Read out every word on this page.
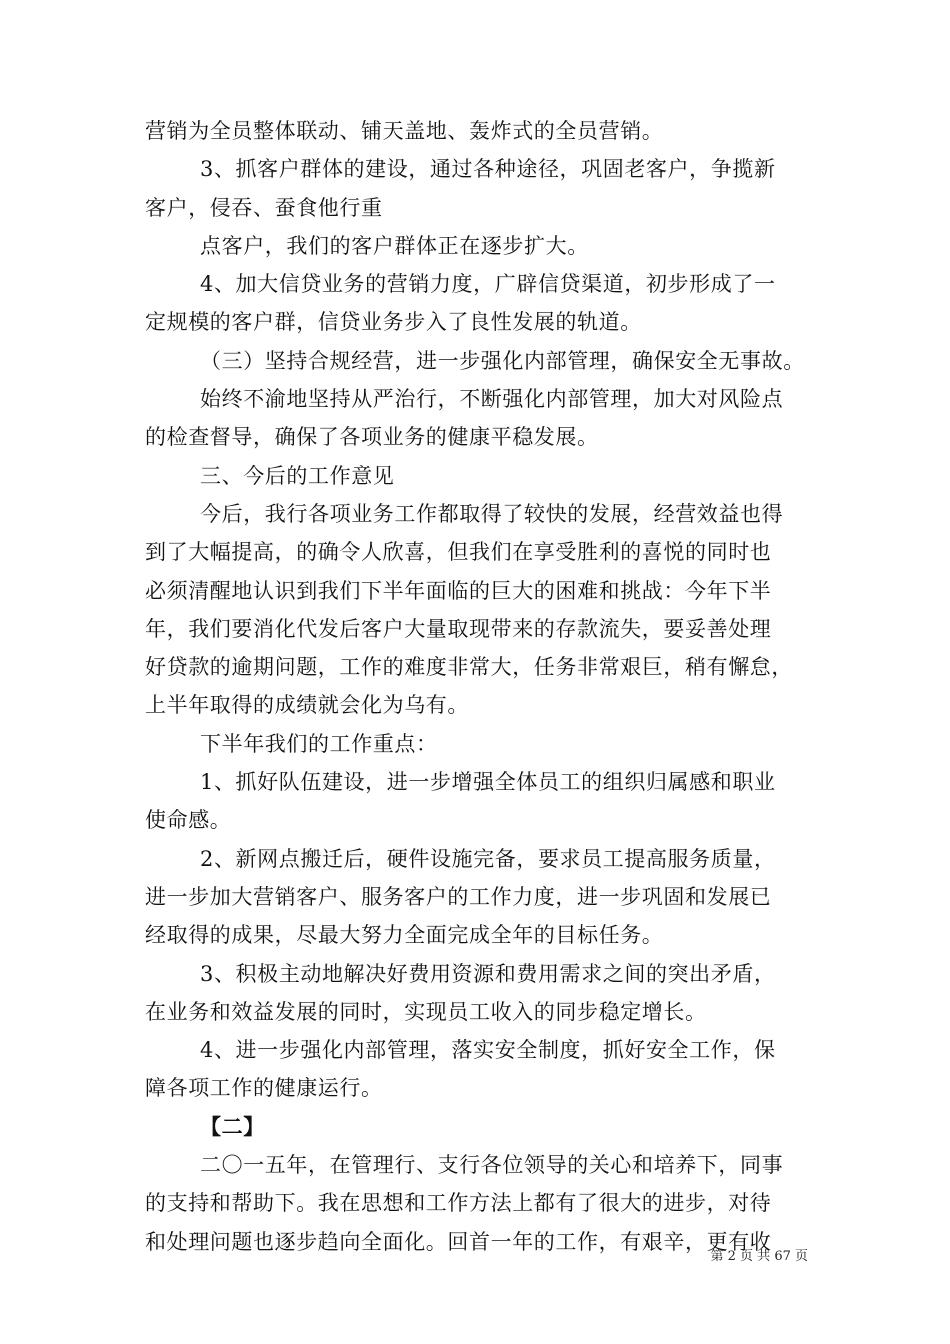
营销为全员整体联动、铺天盖地、轰炸式的全员营销。
3、抓客户群体的建设，通过各种途径，巩固老客户，争揽新
客户，侵吞、蚕食他行重
点客户，我们的客户群体正在逐步扩大。
4、加大信贷业务的营销力度，广辟信贷渠道，初步形成了一
定规模的客户群，信贷业务步入了良性发展的轨道。
（三）坚持合规经营，进一步强化内部管理，确保安全无事故。
始终不渝地坚持从严治行，不断强化内部管理，加大对风险点
的检查督导，确保了各项业务的健康平稳发展。
三、今后的工作意见
今后，我行各项业务工作都取得了较快的发展，经营效益也得
到了大幅提高，的确令人欣喜，但我们在享受胜利的喜悦的同时也
必须清醒地认识到我们下半年面临的巨大的困难和挑战：今年下半
年，我们要消化代发后客户大量取现带来的存款流失，要妥善处理
好贷款的逾期问题，工作的难度非常大，任务非常艰巨，稍有懈怠，
上半年取得的成绩就会化为乌有。
下半年我们的工作重点：
1、抓好队伍建设，进一步增强全体员工的组织归属感和职业
使命感。
2、新网点搬迁后，硬件设施完备，要求员工提高服务质量，
进一步加大营销客户、服务客户的工作力度，进一步巩固和发展已
经取得的成果，尽最大努力全面完成全年的目标任务。
3、积极主动地解决好费用资源和费用需求之间的突出矛盾，
在业务和效益发展的同时，实现员工收入的同步稳定增长。
4、进一步强化内部管理，落实安全制度，抓好安全工作，保
障各项工作的健康运行。
【二】
二〇一五年，在管理行、支行各位领导的关心和培养下，同事
的支持和帮助下。我在思想和工作方法上都有了很大的进步，对待
和处理问题也逐步趋向全面化。回首一年的工作，有艰辛，更有收
第 2 页 共 67 页
